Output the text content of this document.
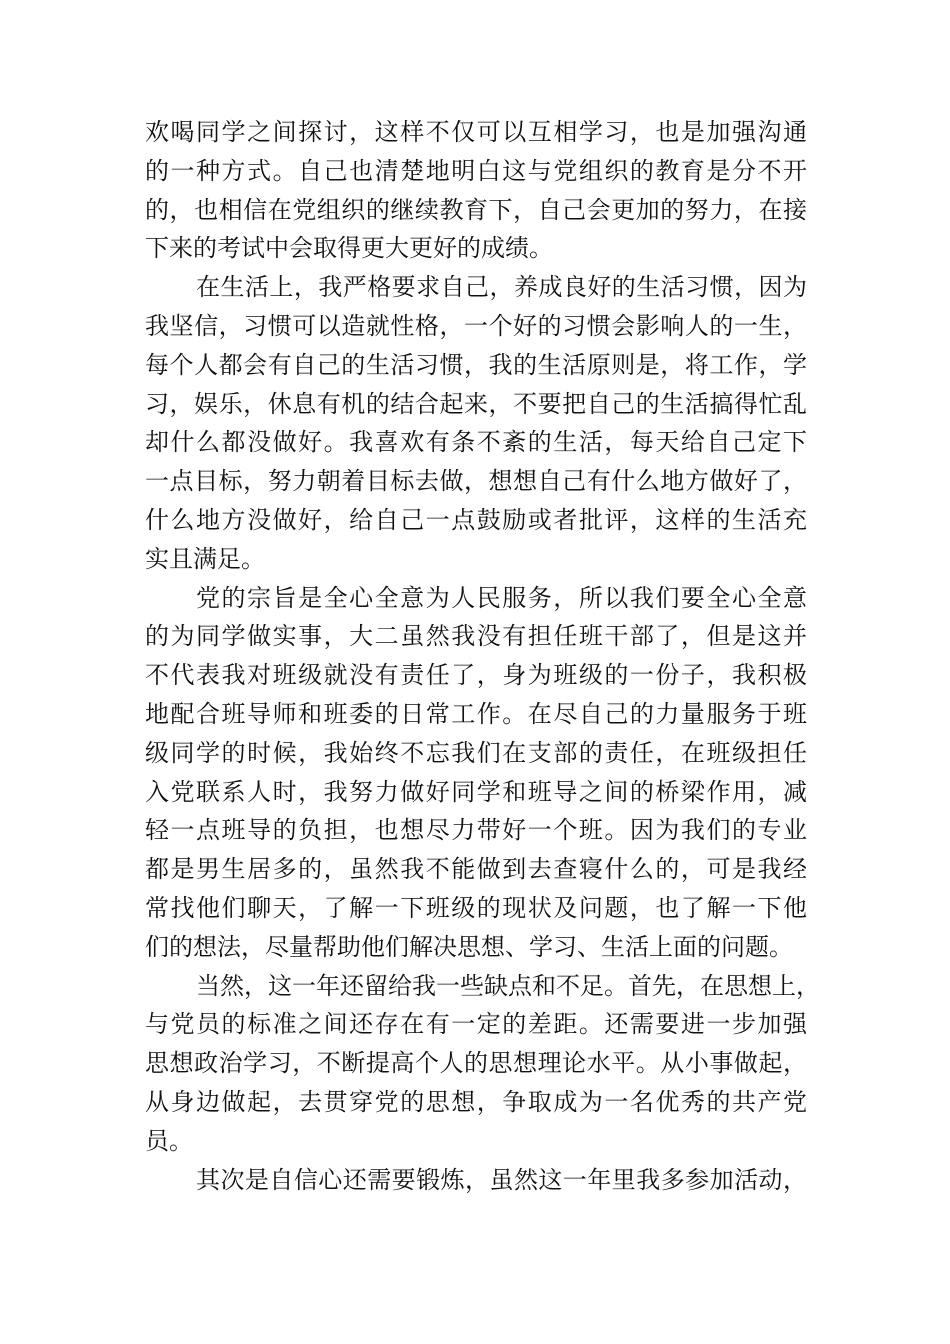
欢喝同学之间探讨，这样不仅可以互相学习，也是加强沟通
的一种方式。自己也清楚地明白这与党组织的教育是分不开
的，也相信在党组织的继续教育下，自己会更加的努力，在接
下来的考试中会取得更大更好的成绩。
在生活上，我严格要求自己，养成良好的生活习惯，因为
我坚信，习惯可以造就性格，一个好的习惯会影响人的一生，
每个人都会有自己的生活习惯，我的生活原则是，将工作，学
习，娱乐，休息有机的结合起来，不要把自己的生活搞得忙乱
却什么都没做好。我喜欢有条不紊的生活，每天给自己定下
一点目标，努力朝着目标去做，想想自己有什么地方做好了，
什么地方没做好，给自己一点鼓励或者批评，这样的生活充
实且满足。
党的宗旨是全心全意为人民服务，所以我们要全心全意
的为同学做实事，大二虽然我没有担任班干部了，但是这并
不代表我对班级就没有责任了，身为班级的一份子，我积极
地配合班导师和班委的日常工作。在尽自己的力量服务于班
级同学的时候，我始终不忘我们在支部的责任，在班级担任
入党联系人时，我努力做好同学和班导之间的桥梁作用，减
轻一点班导的负担，也想尽力带好一个班。因为我们的专业
都是男生居多的，虽然我不能做到去查寝什么的，可是我经
常找他们聊天，了解一下班级的现状及问题，也了解一下他
们的想法，尽量帮助他们解决思想、学习、生活上面的问题。
当然，这一年还留给我一些缺点和不足。首先，在思想上，
与党员的标准之间还存在有一定的差距。还需要进一步加强
思想政治学习，不断提高个人的思想理论水平。从小事做起，
从身边做起，去贯穿党的思想，争取成为一名优秀的共产党
员。
其次是自信心还需要锻炼，虽然这一年里我多参加活动，
